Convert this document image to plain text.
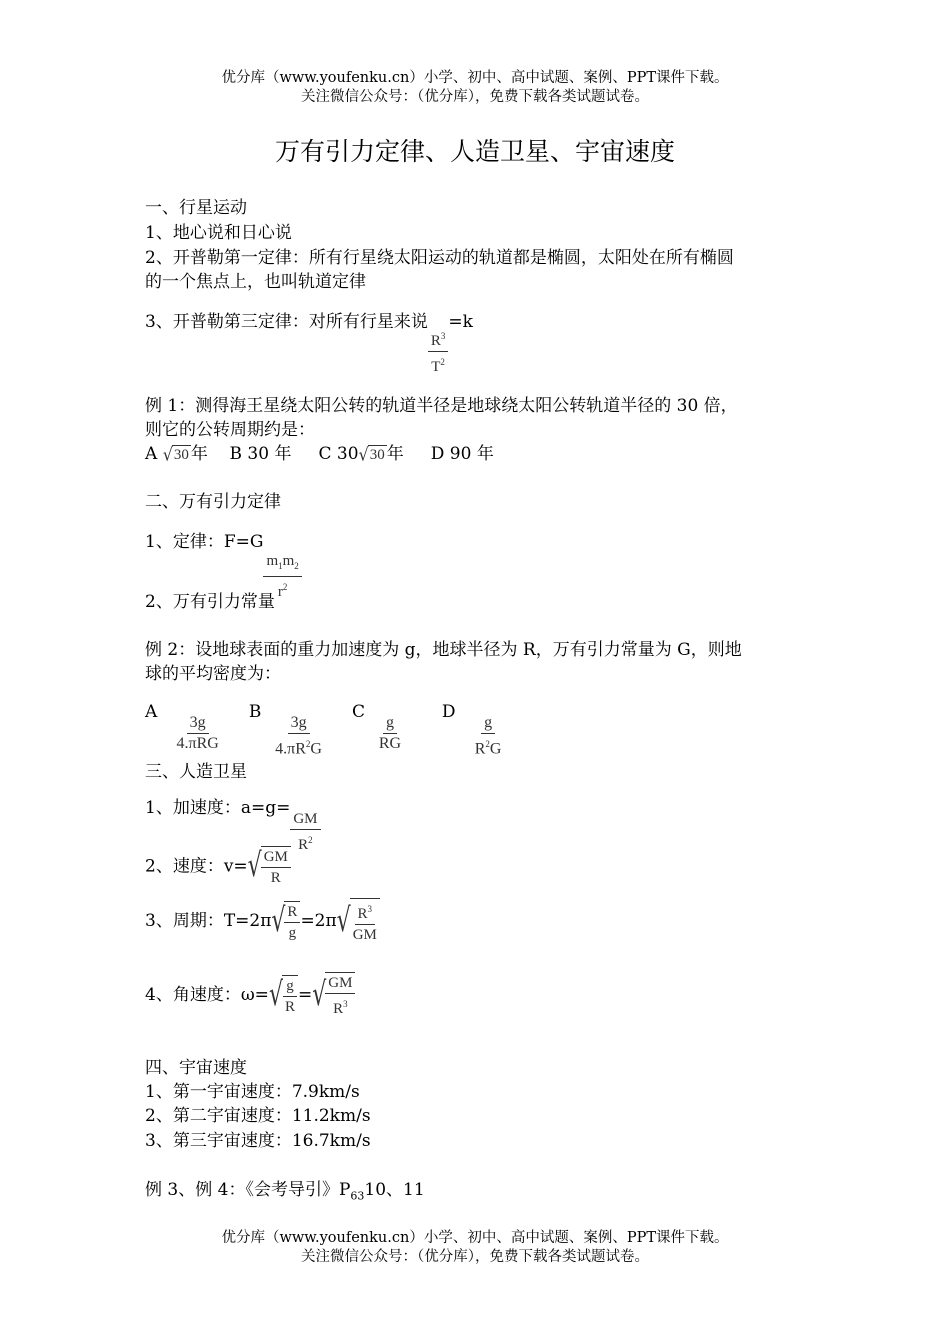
优分库（www.youfenku.cn）小学、初中、高中试题、案例、PPT课件下载。
关注微信公众号：（优分库），免费下载各类试题试卷。
万有引力定律、人造卫星、宇宙速度
一、行星运动
1、地心说和日心说
2、开普勒第一定律：所有行星绕太阳运动的轨道都是椭圆，太阳处在所有椭圆
的一个焦点上，也叫轨道定律
3、开普勒第三定律：对所有行星来说
$\frac{R^3}{T^2}$
=k
例 1：测得海王星绕太阳公转的轨道半径是地球绕太阳公转轨道半径的 30 倍，
则它的公转周期约是：
A √ 30 年 B 30 年 C 30 √ 30 年 D 90 年
二、万有引力定律
1、定律：F=G
$\frac{m_1m_2}{r^2}$
2、万有引力常量
例 2：设地球表面的重力加速度为 g，地球半径为 R，万有引力常量为 G，则地
球的平均密度为：
A
$\frac{3g}{\text{4.πRG}}$
B
$\frac{3g}{4.\pi R^2G}$
C
$\frac{g}{RG}$
D
$\frac{g}{R^2G}$
三、人造卫星
1、加速度：a=g=
$\frac{GM}{R^2}$
2、速度：v= √ $\frac{GM}{R}$
3、周期：T=2π √ $\frac{R}{g} =2\pi$ √ $\frac{R^3}{GM}$
4、角速度：ω= √ $\frac{g}{R}$ = √ $\frac{GM}{R^3}$
四、宇宙速度
1、第一宇宙速度：7.9km/s
2、第二宇宙速度：11.2km/s
3、第三宇宙速度：16.7km/s
例 3、例 4：《会考导引》$P_{63}10$、11
优分库（www.youfenku.cn）小学、初中、高中试题、案例、PPT课件下载。
关注微信公众号：（优分库），免费下载各类试题试卷。
